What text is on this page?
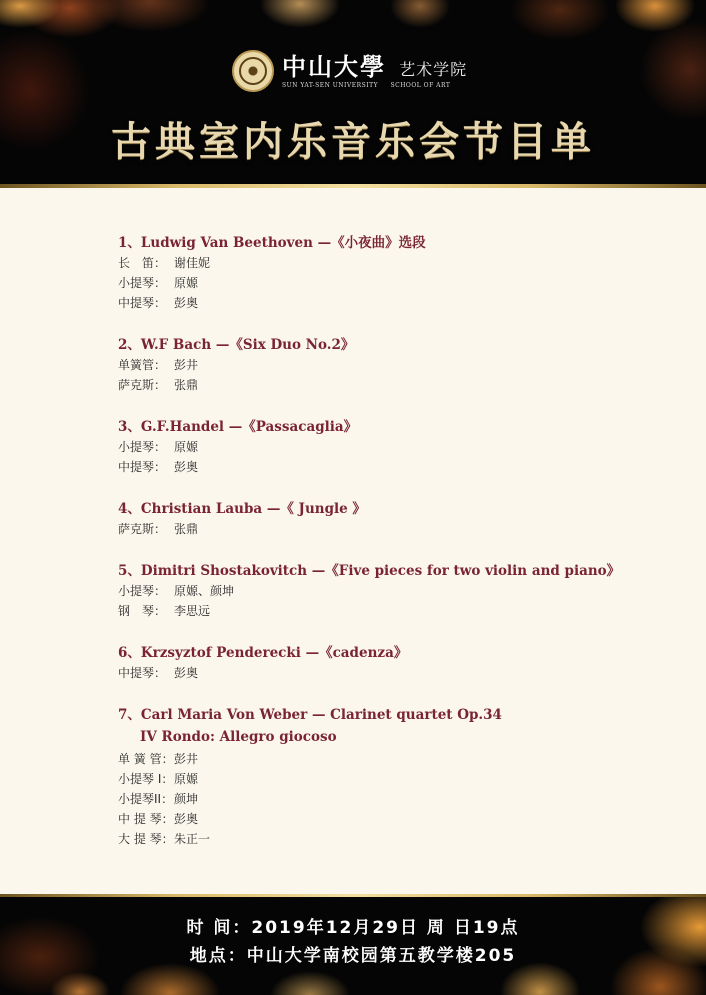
中山大學 艺术学院
SUN YAT-SEN UNIVERSITY SCHOOL OF ART
古典室内乐音乐会节目单
1、Ludwig Van Beethoven —《小夜曲》选段
长　笛： 谢佳妮
小提琴： 原嫄
中提琴： 彭奥
2、W.F Bach —《Six Duo No.2》
单簧管： 彭井
萨克斯： 张鼎
3、G.F.Handel —《Passacaglia》
小提琴： 原嫄
中提琴： 彭奥
4、Christian Lauba —《 Jungle 》
萨克斯： 张鼎
5、Dimitri Shostakovitch —《Five pieces for two violin and piano》
小提琴： 原嫄、颜坤
钢　琴： 李思远
6、Krzsyztof Penderecki —《cadenza》
中提琴： 彭奥
7、Carl Maria Von Weber — Clarinet quartet Op.34
IV Rondo: Allegro giocoso
单 簧 管：彭井
小提琴 I：原嫄
小提琴II：颜坤
中 提 琴：彭奥
大 提 琴：朱正一
时 间：2019年12月29日 周 日19点
地点：中山大学南校园第五教学楼205
